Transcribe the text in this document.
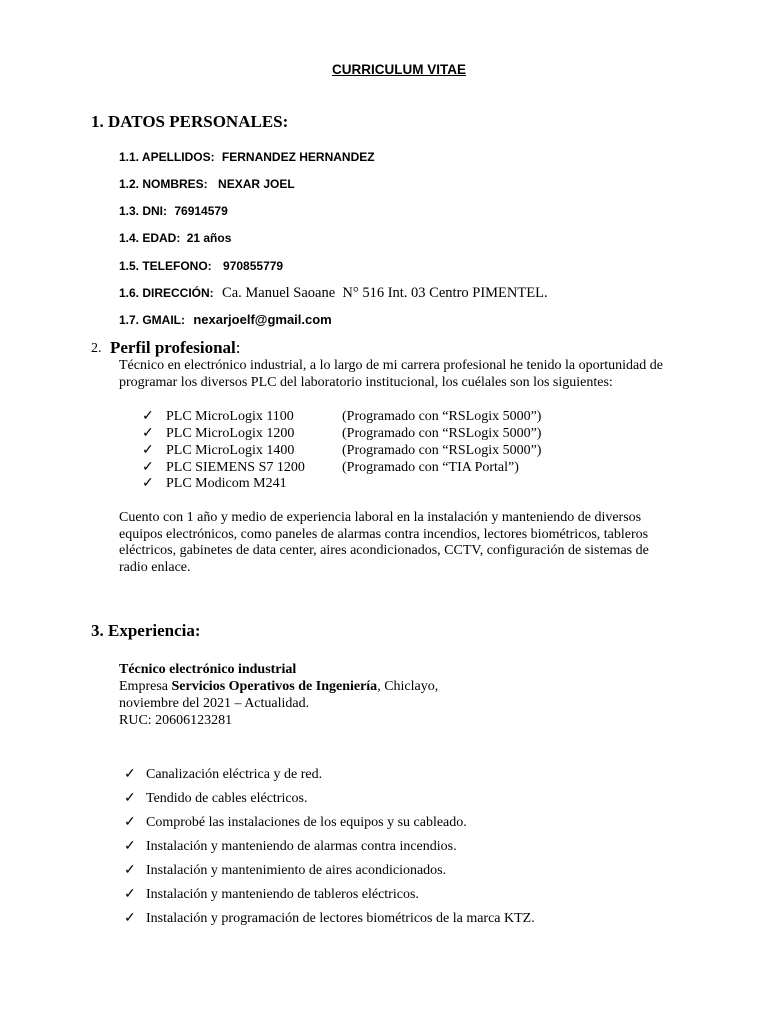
CURRICULUM VITAE
1. DATOS PERSONALES:
1.1. APELLIDOS: FERNANDEZ HERNANDEZ
1.2. NOMBRES: NEXAR JOEL
1.3. DNI: 76914579
1.4. EDAD: 21 años
1.5. TELEFONO: 970855779
1.6. DIRECCIÓN: Ca. Manuel Saoane  N° 516 Int. 03 Centro PIMENTEL.
1.7. GMAIL: nexarjoelf@gmail.com
2. Perfil profesional:
Técnico en electrónico industrial, a lo largo de mi carrera profesional he tenido la oportunidad de programar los diversos PLC del laboratorio institucional, los cuélales son los siguientes:
✓ PLC MicroLogix 1100	(Programado con “RSLogix 5000”)
✓ PLC MicroLogix 1200	(Programado con “RSLogix 5000”)
✓ PLC MicroLogix 1400	(Programado con “RSLogix 5000”)
✓ PLC SIEMENS S7 1200	(Programado con “TIA Portal”)
✓ PLC Modicom M241
Cuento con 1 año y medio de experiencia laboral en la instalación y manteniendo de diversos equipos electrónicos, como paneles de alarmas contra incendios, lectores biométricos, tableros eléctricos, gabinetes de data center, aires acondicionados, CCTV, configuración de sistemas de radio enlace.
3. Experiencia:
Técnico electrónico industrial
Empresa Servicios Operativos de Ingeniería, Chiclayo,
noviembre del 2021 – Actualidad.
RUC: 20606123281
✓ Canalización eléctrica y de red.
✓ Tendido de cables eléctricos.
✓ Comprobé las instalaciones de los equipos y su cableado.
✓ Instalación y manteniendo de alarmas contra incendios.
✓ Instalación y mantenimiento de aires acondicionados.
✓ Instalación y manteniendo de tableros eléctricos.
✓ Instalación y programación de lectores biométricos de la marca KTZ.
